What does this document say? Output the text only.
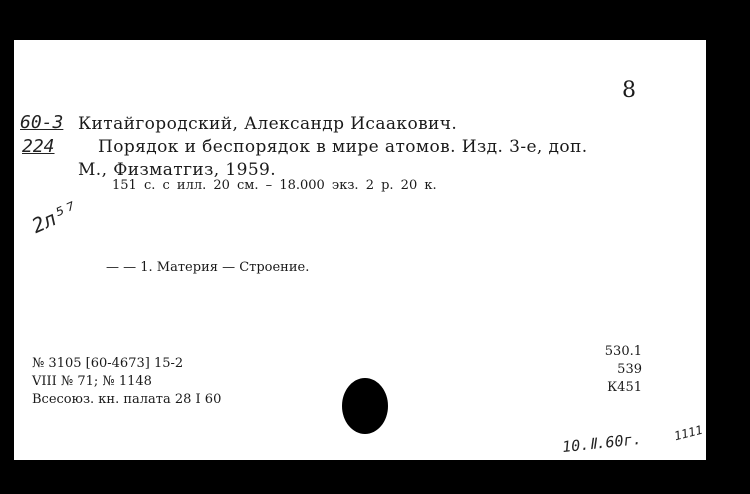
8
60-3
224
Китайгородский, Александр Исаакович.
Порядок и беспорядок в мире атомов. Изд. 3-е, доп.
М., Физматгиз, 1959.
151 с. с илл. 20 см. – 18.000 экз. 2 р. 20 к.
2л⁵⁷
— — 1. Материя — Строение.
№ 3105 [60-4673] 15-2
VIII № 71; № 1148
Всесоюз. кн. палата 28 I 60
530.1
539
К451
10.Ⅱ.60г.	1111
